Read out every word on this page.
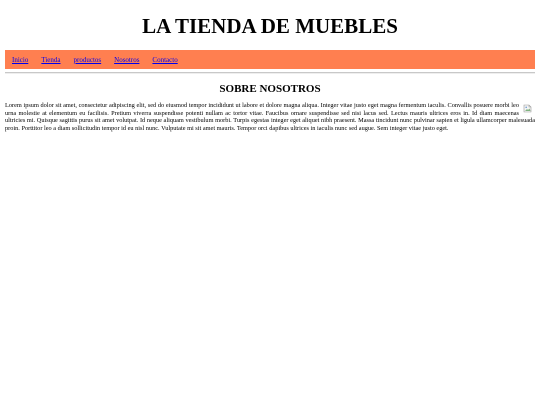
LA TIENDA DE MUEBLES
Inicio Tienda productos Nosotros Contacto
SOBRE NOSOTROS

Lorem ipsum dolor sit amet, consectetur adipiscing elit, sed do eiusmod tempor incididunt ut labore et dolore magna aliqua. Integer vitae justo eget magna fermentum iaculis. Convallis posuere morbi leo urna molestie at elementum eu facilisis. Pretium viverra suspendisse potenti nullam ac tortor vitae. Faucibus ornare suspendisse sed nisi lacus sed. Lectus mauris ultrices eros in. Id diam maecenas ultricies mi. Quisque sagittis purus sit amet volutpat. Id neque aliquam vestibulum morbi. Turpis egestas integer eget aliquet nibh praesent. Massa tincidunt nunc pulvinar sapien et ligula ullamcorper malesuada proin. Porttitor leo a diam sollicitudin tempor id eu nisl nunc. Vulputate mi sit amet mauris. Tempor orci dapibus ultrices in iaculis nunc sed augue. Sem integer vitae justo eget.
